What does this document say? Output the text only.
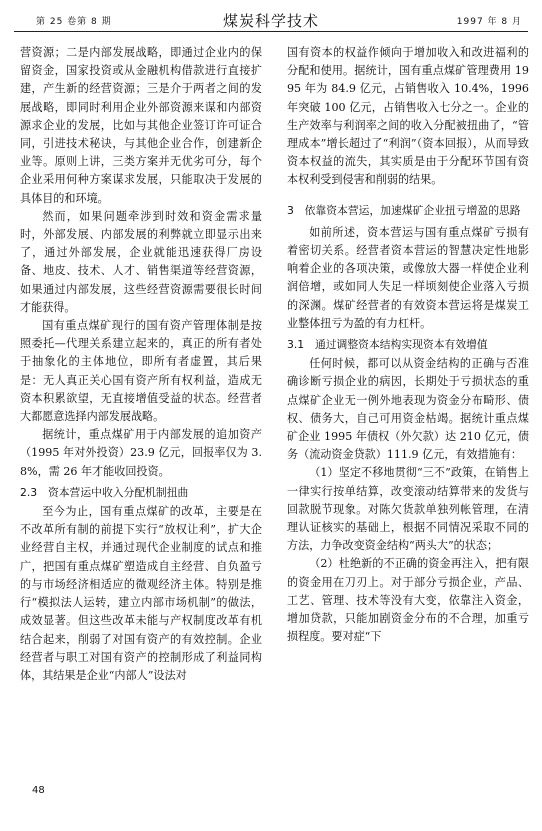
第 25 卷第 8 期	煤炭科学技术	1997 年 8 月

营资源；二是内部发展战略，即通过企业内的保留资金，国家投资或从金融机构借款进行直接扩建，产生新的经营资源；三是介于两者之间的发展战略，即同时利用企业外部资源来谋和内部资源求企业的发展，比如与其他企业签订许可证合同，引进技术秘诀，与其他企业合作，创建新企业等。原则上讲，三类方案并无优劣可分，每个企业采用何种方案谋求发展，只能取决于发展的具体目的和环境。

然而，如果问题牵涉到时效和资金需求量时，外部发展、内部发展的利弊就立即显示出来了，通过外部发展，企业就能迅速获得厂房设备、地皮、技术、人才、销售渠道等经营资源，如果通过内部发展，这些经营资源需要很长时间才能获得。

国有重点煤矿现行的国有资产管理体制是按照委托—代理关系建立起来的，真正的所有者处于抽象化的主体地位，即所有者虚置，其后果是：无人真正关心国有资产所有权利益，造成无资本积累欲望，无直接增值受益的状态。经营者大都愿意选择内部发展战略。

据统计，重点煤矿用于内部发展的追加资产（1995 年对外投资）23.9 亿元，回报率仅为 3.8%，需 26 年才能收回投资。

2.3　资本营运中收入分配机制扭曲

至今为止，国有重点煤矿的改革，主要是在不改革所有制的前提下实行“放权让利”，扩大企业经营自主权，并通过现代企业制度的试点和推广，把国有重点煤矿塑造成自主经营、自负盈亏的与市场经济相适应的微观经济主体。特别是推行“模拟法人运转，建立内部市场机制”的做法，成效显著。但这些改革未能与产权制度改革有机结合起来，削弱了对国有资产的有效控制。企业经营者与职工对国有资产的控制形成了利益同构体，其结果是企业“内部人”设法对

国有资本的权益作倾向于增加收入和改进福利的分配和使用。据统计，国有重点煤矿管理费用 1995 年为 84.9 亿元，占销售收入 10.4%，1996 年突破 100 亿元，占销售收入七分之一。企业的生产效率与利润率之间的收入分配被扭曲了，“管理成本”增长超过了“利润”（资本回报），从而导致资本权益的流失，其实质是由于分配环节国有资本权利受到侵害和削弱的结果。

3　依靠资本营运，加速煤矿企业扭亏增盈的思路

如前所述，资本营运与国有重点煤矿亏损有着密切关系。经营者资本营运的智慧决定性地影响着企业的各项决策，或像放大器一样使企业利润倍增，或如同人失足一样顷刻使企业落入亏损的深渊。煤矿经营者的有效资本营运将是煤炭工业整体扭亏为盈的有力杠杆。

3.1　通过调整资本结构实现资本有效增值

任何时候，都可以从资金结构的正确与否准确诊断亏损企业的病因，长期处于亏损状态的重点煤矿企业无一例外地表现为资金分布畸形、债权、债务大，自己可用资金枯竭。据统计重点煤矿企业 1995 年债权（外欠款）达 210 亿元，债务（流动资金贷款）111.9 亿元，有效措施有：

（1）坚定不移地贯彻“三不”政策，在销售上一律实行按单结算，改变滚动结算带来的发货与回款脱节现象。对陈欠货款单独列帐管理，在清理认证核实的基础上，根据不同情况采取不同的方法，力争改变资金结构“两头大”的状态；

（2）杜绝新的不正确的资金再注入，把有限的资金用在刀刃上。对于部分亏损企业，产品、工艺、管理、技术等没有大变，依靠注入资金，增加贷款，只能加剧资金分布的不合理，加重亏损程度。要对症“下

48
